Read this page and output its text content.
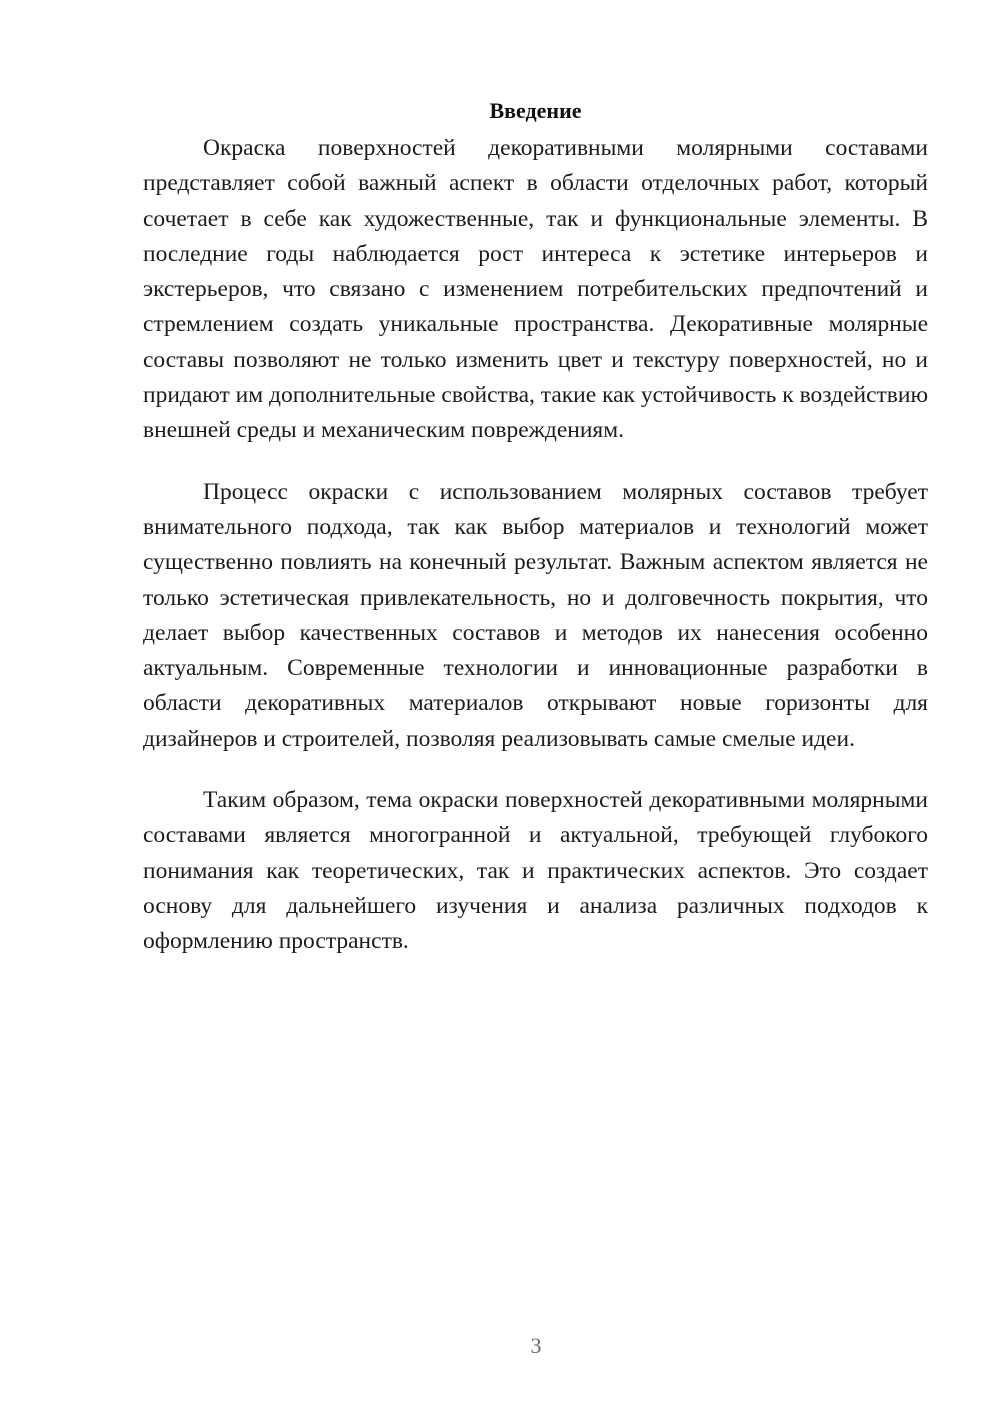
Введение

Окраска поверхностей декоративными молярными составами представляет собой важный аспект в области отделочных работ, который сочетает в себе как художественные, так и функциональные элементы. В последние годы наблюдается рост интереса к эстетике интерьеров и экстерьеров, что связано с изменением потребительских предпочтений и стремлением создать уникальные пространства. Декоративные молярные составы позволяют не только изменить цвет и текстуру поверхностей, но и придают им дополнительные свойства, такие как устойчивость к воздействию внешней среды и механическим повреждениям.

Процесс окраски с использованием молярных составов требует внимательного подхода, так как выбор материалов и технологий может существенно повлиять на конечный результат. Важным аспектом является не только эстетическая привлекательность, но и долговечность покрытия, что делает выбор качественных составов и методов их нанесения особенно актуальным. Современные технологии и инновационные разработки в области декоративных материалов открывают новые горизонты для дизайнеров и строителей, позволяя реализовывать самые смелые идеи.

Таким образом, тема окраски поверхностей декоративными молярными составами является многогранной и актуальной, требующей глубокого понимания как теоретических, так и практических аспектов. Это создает основу для дальнейшего изучения и анализа различных подходов к оформлению пространств.

3
